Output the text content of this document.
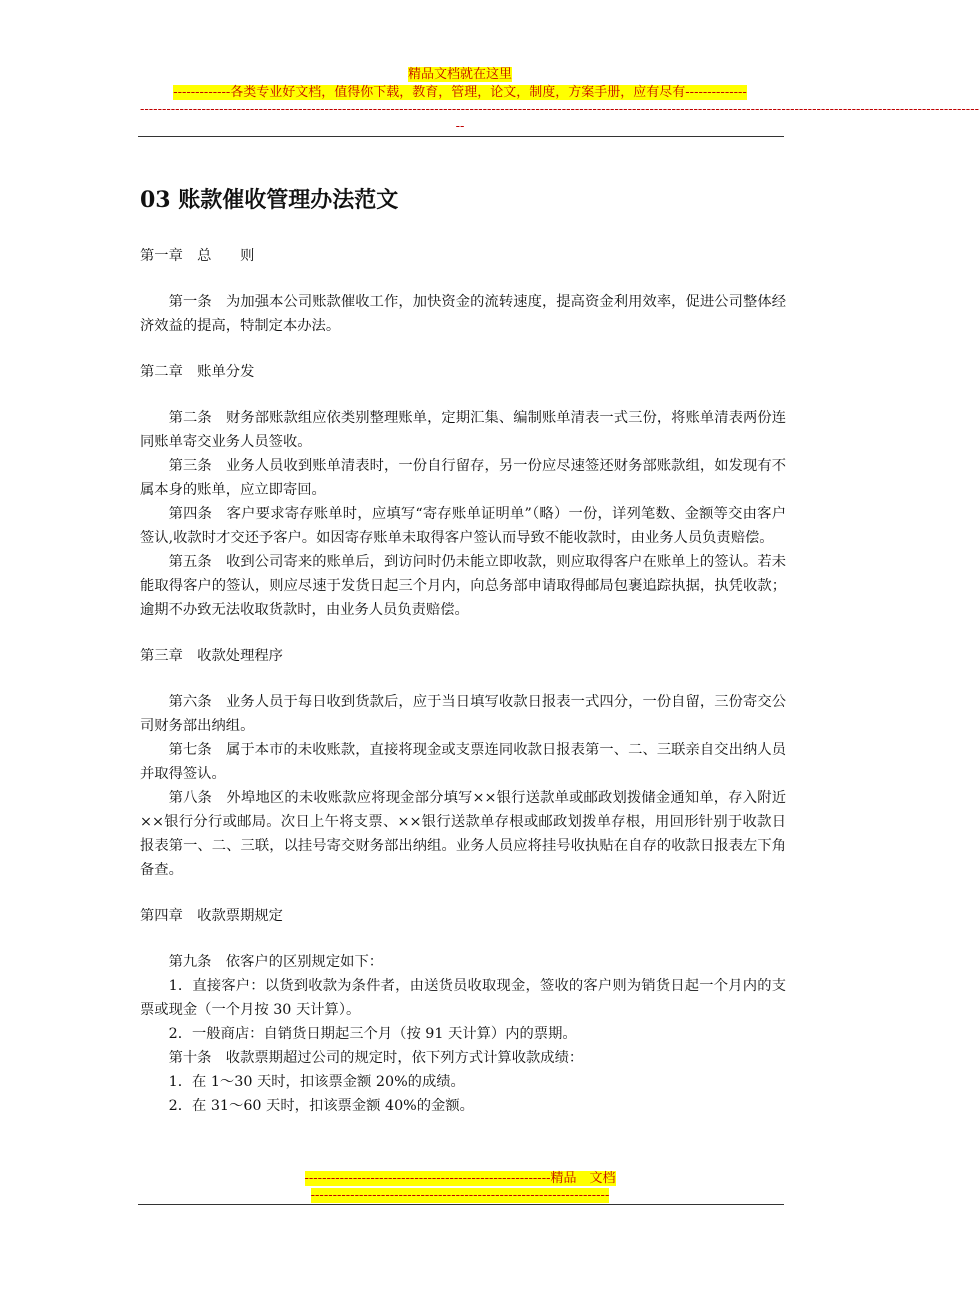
精品文档就在这里
-------------各类专业好文档，值得你下载，教育，管理，论文，制度，方案手册，应有尽有--------------
-----------------------------------------------------------------------------------------------------------------------------------------------------------------------------------------------
--
03 账款催收管理办法范文

第一章　总　　则

第一条　为加强本公司账款催收工作，加快资金的流转速度，提高资金利用效率，促进公司整体经济效益的提高，特制定本办法。

第二章　账单分发

第二条　财务部账款组应依类别整理账单，定期汇集、编制账单清表一式三份，将账单清表两份连同账单寄交业务人员签收。

第三条　业务人员收到账单清表时，一份自行留存，另一份应尽速签还财务部账款组，如发现有不属本身的账单，应立即寄回。

第四条　客户要求寄存账单时，应填写“寄存账单证明单”（略）一份，详列笔数、金额等交由客户签认,收款时才交还予客户。如因寄存账单未取得客户签认而导致不能收款时，由业务人员负责赔偿。

第五条　收到公司寄来的账单后，到访问时仍未能立即收款，则应取得客户在账单上的签认。若未能取得客户的签认，则应尽速于发货日起三个月内，向总务部申请取得邮局包裹追踪执据，执凭收款；逾期不办致无法收取货款时，由业务人员负责赔偿。

第三章　收款处理程序

第六条　业务人员于每日收到货款后，应于当日填写收款日报表一式四分，一份自留，三份寄交公司财务部出纳组。

第七条　属于本市的未收账款，直接将现金或支票连同收款日报表第一、二、三联亲自交出纳人员并取得签认。

第八条　外埠地区的未收账款应将现金部分填写××银行送款单或邮政划拨储金通知单，存入附近××银行分行或邮局。次日上午将支票、××银行送款单存根或邮政划拨单存根，用回形针别于收款日报表第一、二、三联，以挂号寄交财务部出纳组。业务人员应将挂号收执贴在自存的收款日报表左下角备查。

第四章　收款票期规定

第九条　依客户的区别规定如下：

1．直接客户：以货到收款为条件者，由送货员收取现金，签收的客户则为销货日起一个月内的支票或现金（一个月按 30 天计算）。

2．一般商店：自销货日期起三个月（按 91 天计算）内的票期。

第十条　收款票期超过公司的规定时，依下列方式计算收款成绩：

1．在 1～30 天时，扣该票金额 20%的成绩。

2．在 31～60 天时，扣该票金额 40%的金额。

--------------------------------------------------------精品　文档
--------------------------------------------------------------------
